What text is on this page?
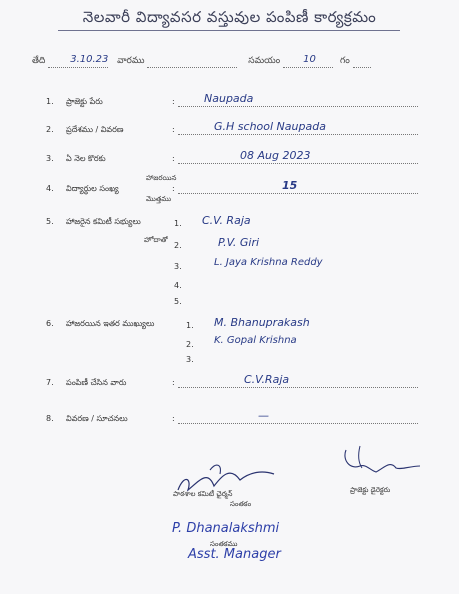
నెలవారీ విద్యావసర వస్తువుల పంపిణీ కార్యక్రమం
తేది 3.10.23 వారము	సమయం 10	గం
1. ప్రాజెక్టు పేరు	:	Naupada
2. ప్రదేశము / వివరణ	:	G.H school Naupada
3. ఏ నెల కొరకు	:	08 Aug 2023
4. విద్యార్థుల సంఖ్య	:	15
హాజరయిన
మొత్తము
5. హాజరైన కమిటీ సభ్యులు
హోదాతో
1. C.V. Raja
2.	P.V. Giri
3.	L. Jaya Krishna Reddy
4.
5.
6. హాజరయిన ఇతర ముఖ్యులు	1. M. Bhanuprakash
2. K. Gopal Krishna
3.
7. పంపిణీ చేసిన వారు	:	C.V.Raja
8. వివరణ / సూచనలు	:	—
పాఠశాల కమిటీ ఛైర్మన్
సంతకం
ప్రాజెక్టు డైరెక్టరు
P. Dhanalakshmi
సంతకము
Asst. Manager
